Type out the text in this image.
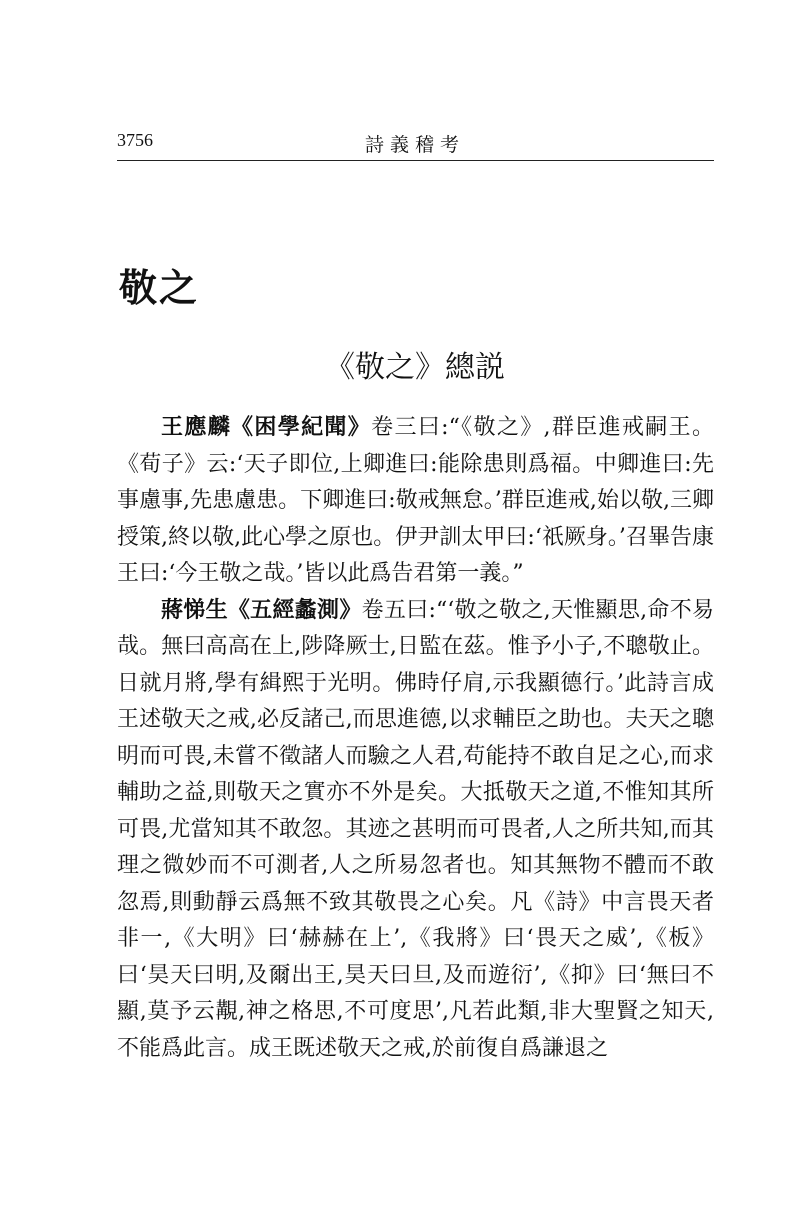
3756	詩義稽考
敬之
《敬之》總説

王應麟《困學紀聞》卷三曰:“《敬之》,群臣進戒嗣王。《荀子》云:‘天子即位,上卿進曰:能除患則爲福。中卿進曰:先事慮事,先患慮患。下卿進曰:敬戒無怠。’群臣進戒,始以敬,三卿授策,終以敬,此心學之原也。伊尹訓太甲曰:‘祇厥身。’召畢告康王曰:‘今王敬之哉。’皆以此爲告君第一義。”

蔣悌生《五經蠡測》卷五曰:“‘敬之敬之,天惟顯思,命不易哉。無曰高高在上,陟降厥士,日監在茲。惟予小子,不聰敬止。日就月將,學有緝熙于光明。佛時仔肩,示我顯德行。’此詩言成王述敬天之戒,必反諸己,而思進德,以求輔臣之助也。夫天之聰明而可畏,未嘗不徵諸人而驗之人君,苟能持不敢自足之心,而求輔助之益,則敬天之實亦不外是矣。大抵敬天之道,不惟知其所可畏,尤當知其不敢忽。其迹之甚明而可畏者,人之所共知,而其理之微妙而不可測者,人之所易忽者也。知其無物不體而不敢忽焉,則動靜云爲無不致其敬畏之心矣。凡《詩》中言畏天者非一,《大明》曰‘赫赫在上’,《我將》曰‘畏天之威’,《板》曰‘昊天曰明,及爾出王,昊天曰旦,及而遊衍’,《抑》曰‘無曰不顯,莫予云覯,神之格思,不可度思’,凡若此類,非大聖賢之知天,不能爲此言。成王既述敬天之戒,於前復自爲謙退之
